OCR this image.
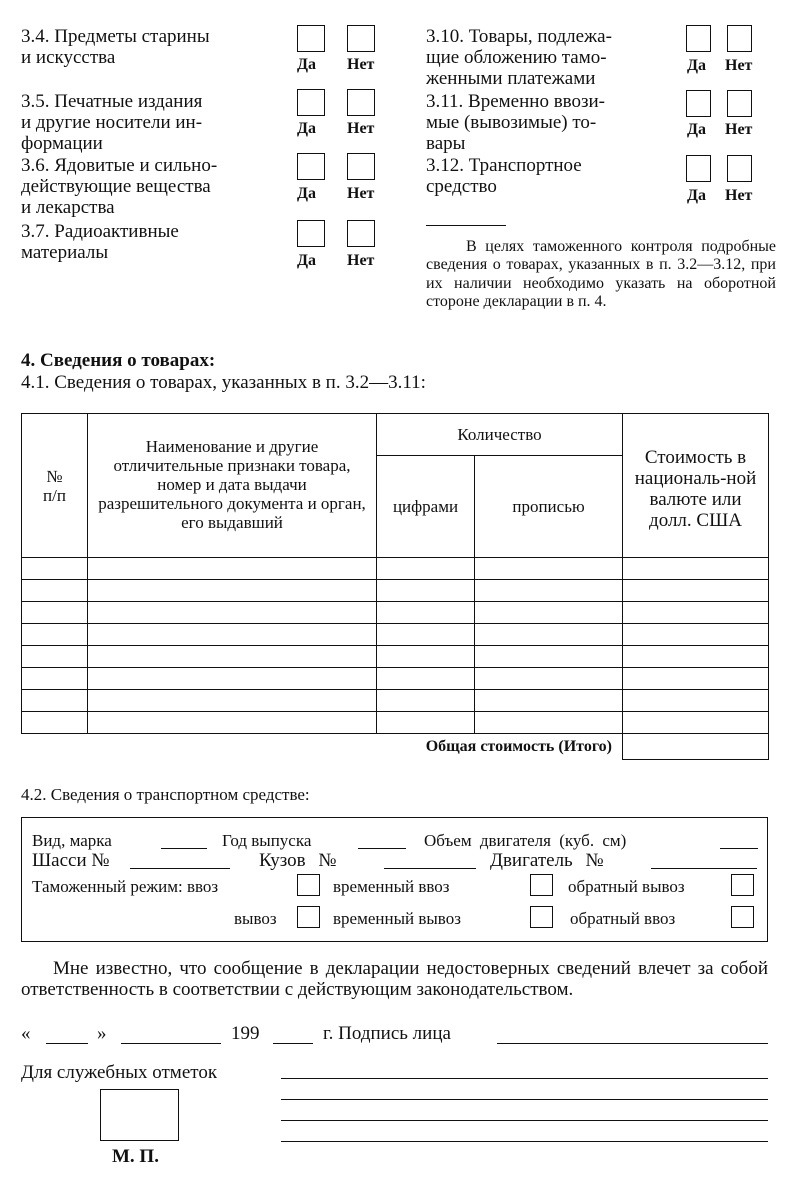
3.4. Предметы старины
и искусства	Да Нет
3.5. Печатные издания
и другие носители ин-
формации
Да Нет
3.6. Ядовитые и сильно-
действующие вещества
и лекарства
Да Нет
3.7. Радиоактивные
материалы	Да Нет
3.10. Товары, подлежа-
щие обложению тамо-
женными платежами
Да Нет
3.11. Временно ввози-
мые (вывозимые) то-
вары
Да Нет
3.12. Транспортное
средство	Да Нет
В целях таможенного контроля подробные сведения о товарах, указанных в п. 3.2—3.12, при их наличии необходимо указать на оборотной стороне декларации в п. 4.
4. Сведения о товарах:
4.1. Сведения о товарах, указанных в п. 3.2—3.11:
№ п/п	Наименование и другие отличительные признаки товара, номер и дата выдачи разрешительного документа и орган, его выдавший	Количество		Стоимость в националь-ной валюте или долл. США

		цифрами	прописью	

Общая стоимость (Итого)				
4.2. Сведения о транспортном средстве:
Вид, марка	Год выпуска	Объем двигателя (куб. см)
Шасси №	Кузов №	Двигатель №
Таможенный режим: ввоз	временный ввоз	обратный вывоз
вывоз	временный вывоз	обратный ввоз
Мне известно, что сообщение в декларации недостоверных сведений влечет за собой ответственность в соответствии с действующим законодательством.
«	»	199	г. Подпись лица
Для служебных отметок
М. П.
